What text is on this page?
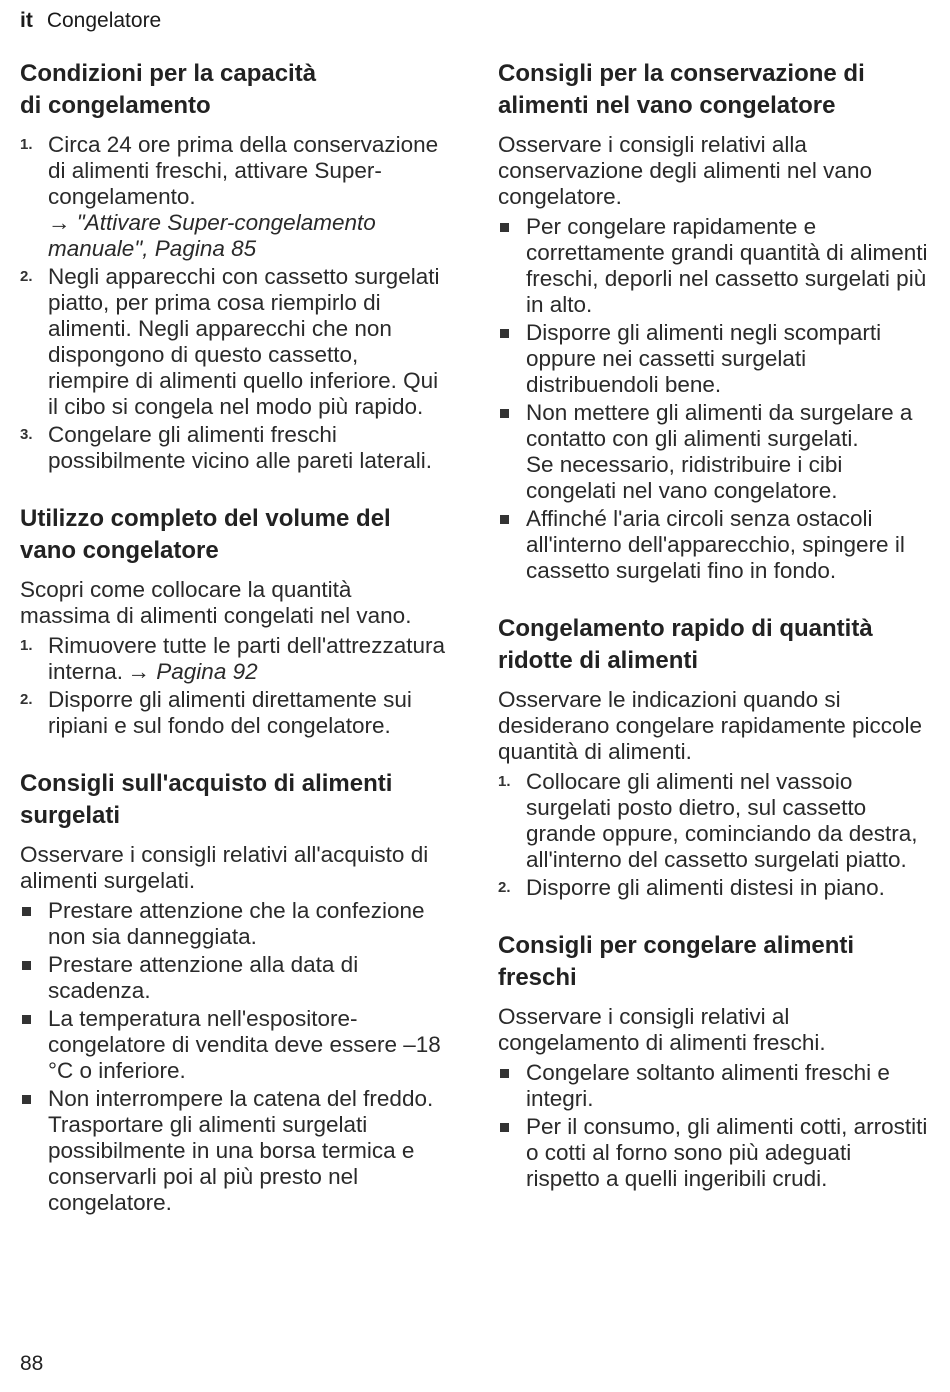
it Congelatore
Condizioni per la capacità
di congelamento
1. Circa 24 ore prima della conservazione di alimenti freschi, attivare Super-congelamento.
→ "Attivare Super-congelamento manuale", Pagina 85
2. Negli apparecchi con cassetto surgelati piatto, per prima cosa riempirlo di alimenti. Negli apparecchi che non dispongono di questo cassetto, riempire di alimenti quello inferiore. Qui il cibo si congela nel modo più rapido.
3. Congelare gli alimenti freschi possibilmente vicino alle pareti laterali.
Utilizzo completo del volume del
vano congelatore

Scopri come collocare la quantità massima di alimenti congelati nel vano.

1. Rimuovere tutte le parti dell'attrezzatura interna. → Pagina 92
2. Disporre gli alimenti direttamente sui ripiani e sul fondo del congelatore.
Consigli sull'acquisto di alimenti
surgelati

Osservare i consigli relativi all'acquisto di alimenti surgelati.

Prestare attenzione che la confezione non sia danneggiata.
Prestare attenzione alla data di scadenza.
La temperatura nell'espositore-congelatore di vendita deve essere –18 °C o inferiore.
Non interrompere la catena del freddo. Trasportare gli alimenti surgelati possibilmente in una borsa termica e conservarli poi al più presto nel congelatore.
Consigli per la conservazione di
alimenti nel vano congelatore

Osservare i consigli relativi alla conservazione degli alimenti nel vano congelatore.

Per congelare rapidamente e correttamente grandi quantità di alimenti freschi, deporli nel cassetto surgelati più in alto.
Disporre gli alimenti negli scomparti oppure nei cassetti surgelati distribuendoli bene.
Non mettere gli alimenti da surgelare a contatto con gli alimenti surgelati.
Se necessario, ridistribuire i cibi congelati nel vano congelatore.
Affinché l'aria circoli senza ostacoli all'interno dell'apparecchio, spingere il cassetto surgelati fino in fondo.
Congelamento rapido di quantità
ridotte di alimenti

Osservare le indicazioni quando si desiderano congelare rapidamente piccole quantità di alimenti.

1. Collocare gli alimenti nel vassoio surgelati posto dietro, sul cassetto grande oppure, cominciando da destra, all'interno del cassetto surgelati piatto.
2. Disporre gli alimenti distesi in piano.
Consigli per congelare alimenti
freschi

Osservare i consigli relativi al congelamento di alimenti freschi.

Congelare soltanto alimenti freschi e integri.
Per il consumo, gli alimenti cotti, arrostiti o cotti al forno sono più adeguati rispetto a quelli ingeribili crudi.
88
